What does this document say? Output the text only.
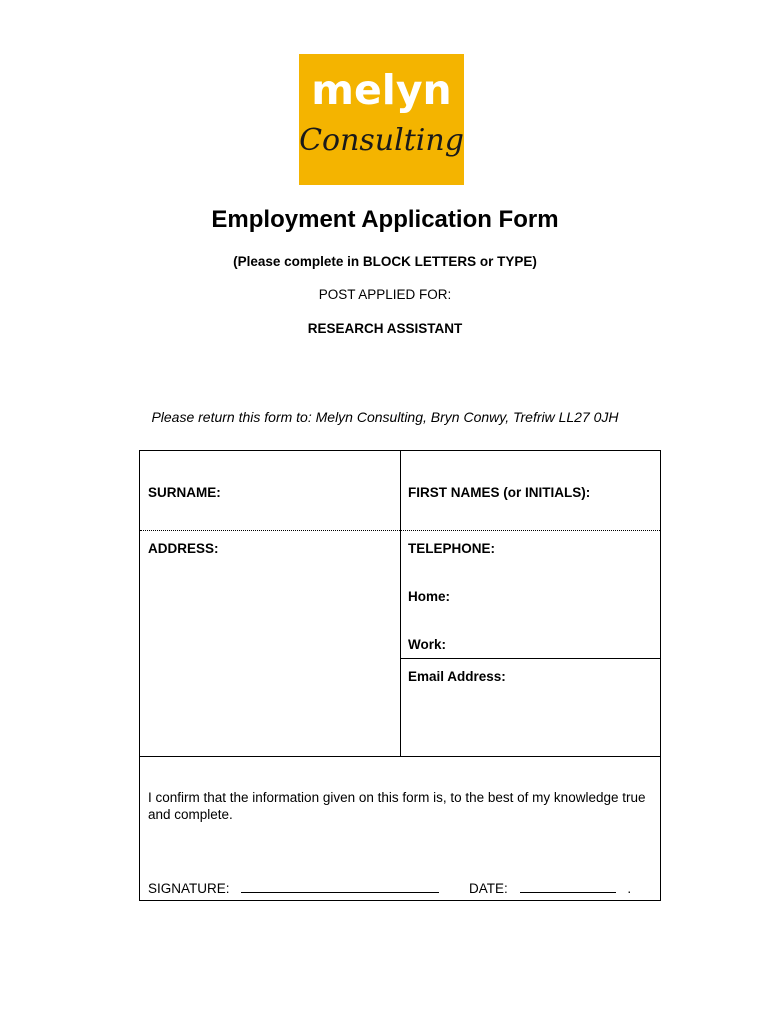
melyn
Consulting
Employment Application Form
(Please complete in BLOCK LETTERS or TYPE)
POST APPLIED FOR:
RESEARCH ASSISTANT
Please return this form to: Melyn Consulting, Bryn Conwy, Trefriw LL27 0JH
SURNAME:	FIRST NAMES (or INITIALS):
ADDRESS:	TELEPHONE:
Home:
Work:
Email Address:
I confirm that the information given on this form is, to the best of my knowledge true and complete.
SIGNATURE:	DATE:	.
